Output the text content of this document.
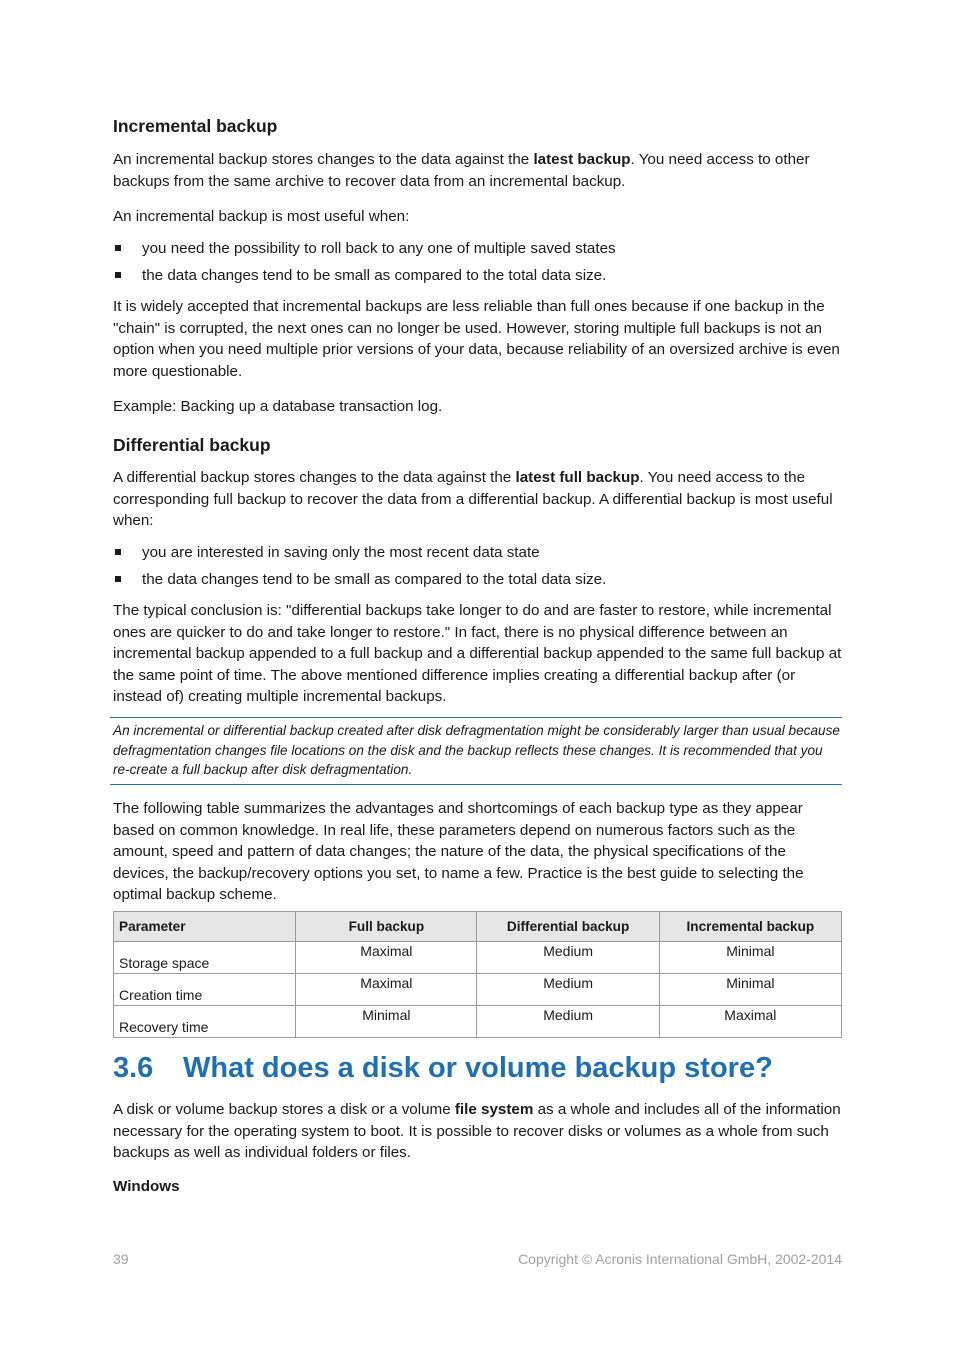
Incremental backup

An incremental backup stores changes to the data against the latest backup. You need access to other backups from the same archive to recover data from an incremental backup.

An incremental backup is most useful when:

you need the possibility to roll back to any one of multiple saved states
the data changes tend to be small as compared to the total data size.

It is widely accepted that incremental backups are less reliable than full ones because if one backup in the "chain" is corrupted, the next ones can no longer be used. However, storing multiple full backups is not an option when you need multiple prior versions of your data, because reliability of an oversized archive is even more questionable.

Example: Backing up a database transaction log.

Differential backup

A differential backup stores changes to the data against the latest full backup. You need access to the corresponding full backup to recover the data from a differential backup. A differential backup is most useful when:

you are interested in saving only the most recent data state
the data changes tend to be small as compared to the total data size.

The typical conclusion is: "differential backups take longer to do and are faster to restore, while incremental ones are quicker to do and take longer to restore." In fact, there is no physical difference between an incremental backup appended to a full backup and a differential backup appended to the same full backup at the same point of time. The above mentioned difference implies creating a differential backup after (or instead of) creating multiple incremental backups.

An incremental or differential backup created after disk defragmentation might be considerably larger than usual because defragmentation changes file locations on the disk and the backup reflects these changes. It is recommended that you re-create a full backup after disk defragmentation.

The following table summarizes the advantages and shortcomings of each backup type as they appear based on common knowledge. In real life, these parameters depend on numerous factors such as the amount, speed and pattern of data changes; the nature of the data, the physical specifications of the devices, the backup/recovery options you set, to name a few. Practice is the best guide to selecting the optimal backup scheme.

Parameter	Full backup	Differential backup	Incremental backup
Storage space	Maximal	Medium	Minimal
Creation time	Maximal	Medium	Minimal
Recovery time	Minimal	Medium	Maximal
3.6 What does a disk or volume backup store?

A disk or volume backup stores a disk or a volume file system as a whole and includes all of the information necessary for the operating system to boot. It is possible to recover disks or volumes as a whole from such backups as well as individual folders or files.

Windows
39	Copyright © Acronis International GmbH, 2002-2014
